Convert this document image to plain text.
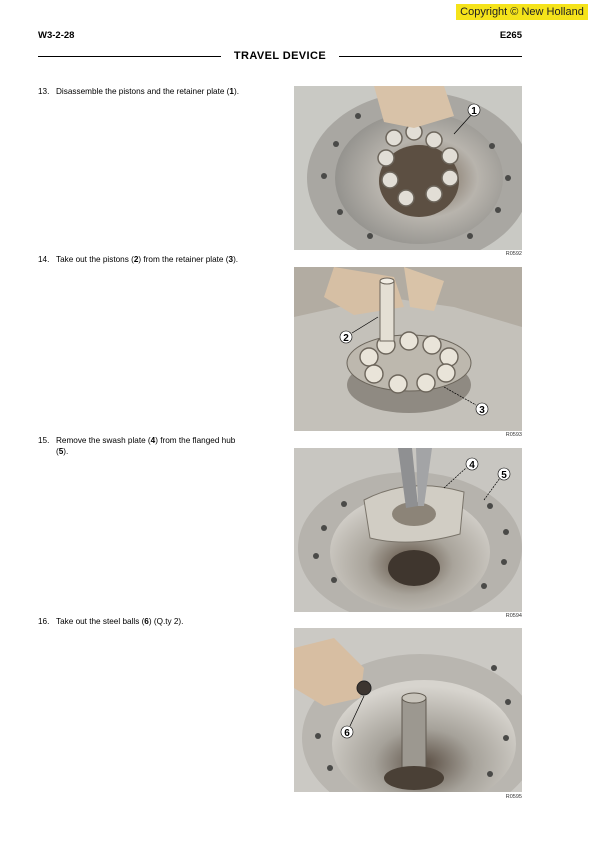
Copyright © New Holland
W3-2-28	E265
TRAVEL DEVICE
13. Disassemble the pistons and the retainer plate (1).
1
R0592
14. Take out the pistons (2) from the retainer plate (3).
2
3
R0593
15. Remove the swash plate (4) from the flanged hub
(5).
4
5
R0594
16. Take out the steel balls (6) (Q.ty 2).
6
R0595
